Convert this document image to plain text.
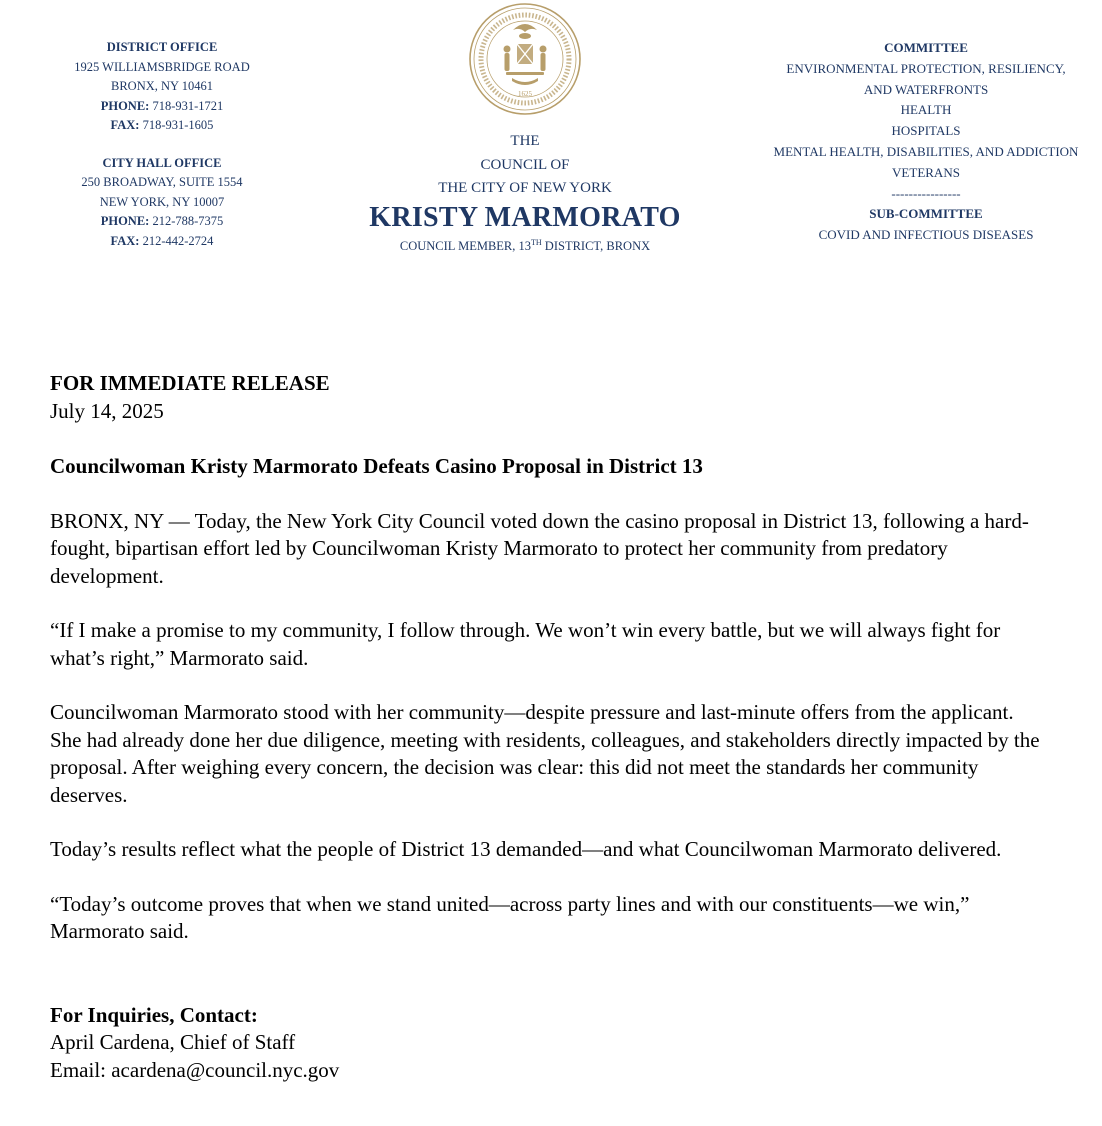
DISTRICT OFFICE
1925 WILLIAMSBRIDGE ROAD
BRONX, NY 10461
PHONE: 718-931-1721
FAX: 718-931-1605
CITY HALL OFFICE
250 BROADWAY, SUITE 1554
NEW YORK, NY 10007
PHONE: 212-788-7375
FAX: 212-442-2724
1625
THE
COUNCIL OF
THE CITY OF NEW YORK
KRISTY MARMORATO
COUNCIL MEMBER, 13TH DISTRICT, BRONX
COMMITTEE
ENVIRONMENTAL PROTECTION, RESILIENCY,
AND WATERFRONTS
HEALTH
HOSPITALS
MENTAL HEALTH, DISABILITIES, AND ADDICTION
VETERANS
----------------
SUB-COMMITTEE
COVID AND INFECTIOUS DISEASES

FOR IMMEDIATE RELEASE

July 14, 2025

Councilwoman Kristy Marmorato Defeats Casino Proposal in District 13

BRONX, NY — Today, the New York City Council voted down the casino proposal in District 13, following a hard-fought, bipartisan effort led by Councilwoman Kristy Marmorato to protect her community from predatory development.

“If I make a promise to my community, I follow through. We won’t win every battle, but we will always fight for what’s right,” Marmorato said.

Councilwoman Marmorato stood with her community—despite pressure and last-minute offers from the applicant. She had already done her due diligence, meeting with residents, colleagues, and stakeholders directly impacted by the proposal. After weighing every concern, the decision was clear: this did not meet the standards her community deserves.

Today’s results reflect what the people of District 13 demanded—and what Councilwoman Marmorato delivered.

“Today’s outcome proves that when we stand united—across party lines and with our constituents—we win,” Marmorato said.

For Inquiries, Contact:

April Cardena, Chief of Staff

Email: acardena@council.nyc.gov
